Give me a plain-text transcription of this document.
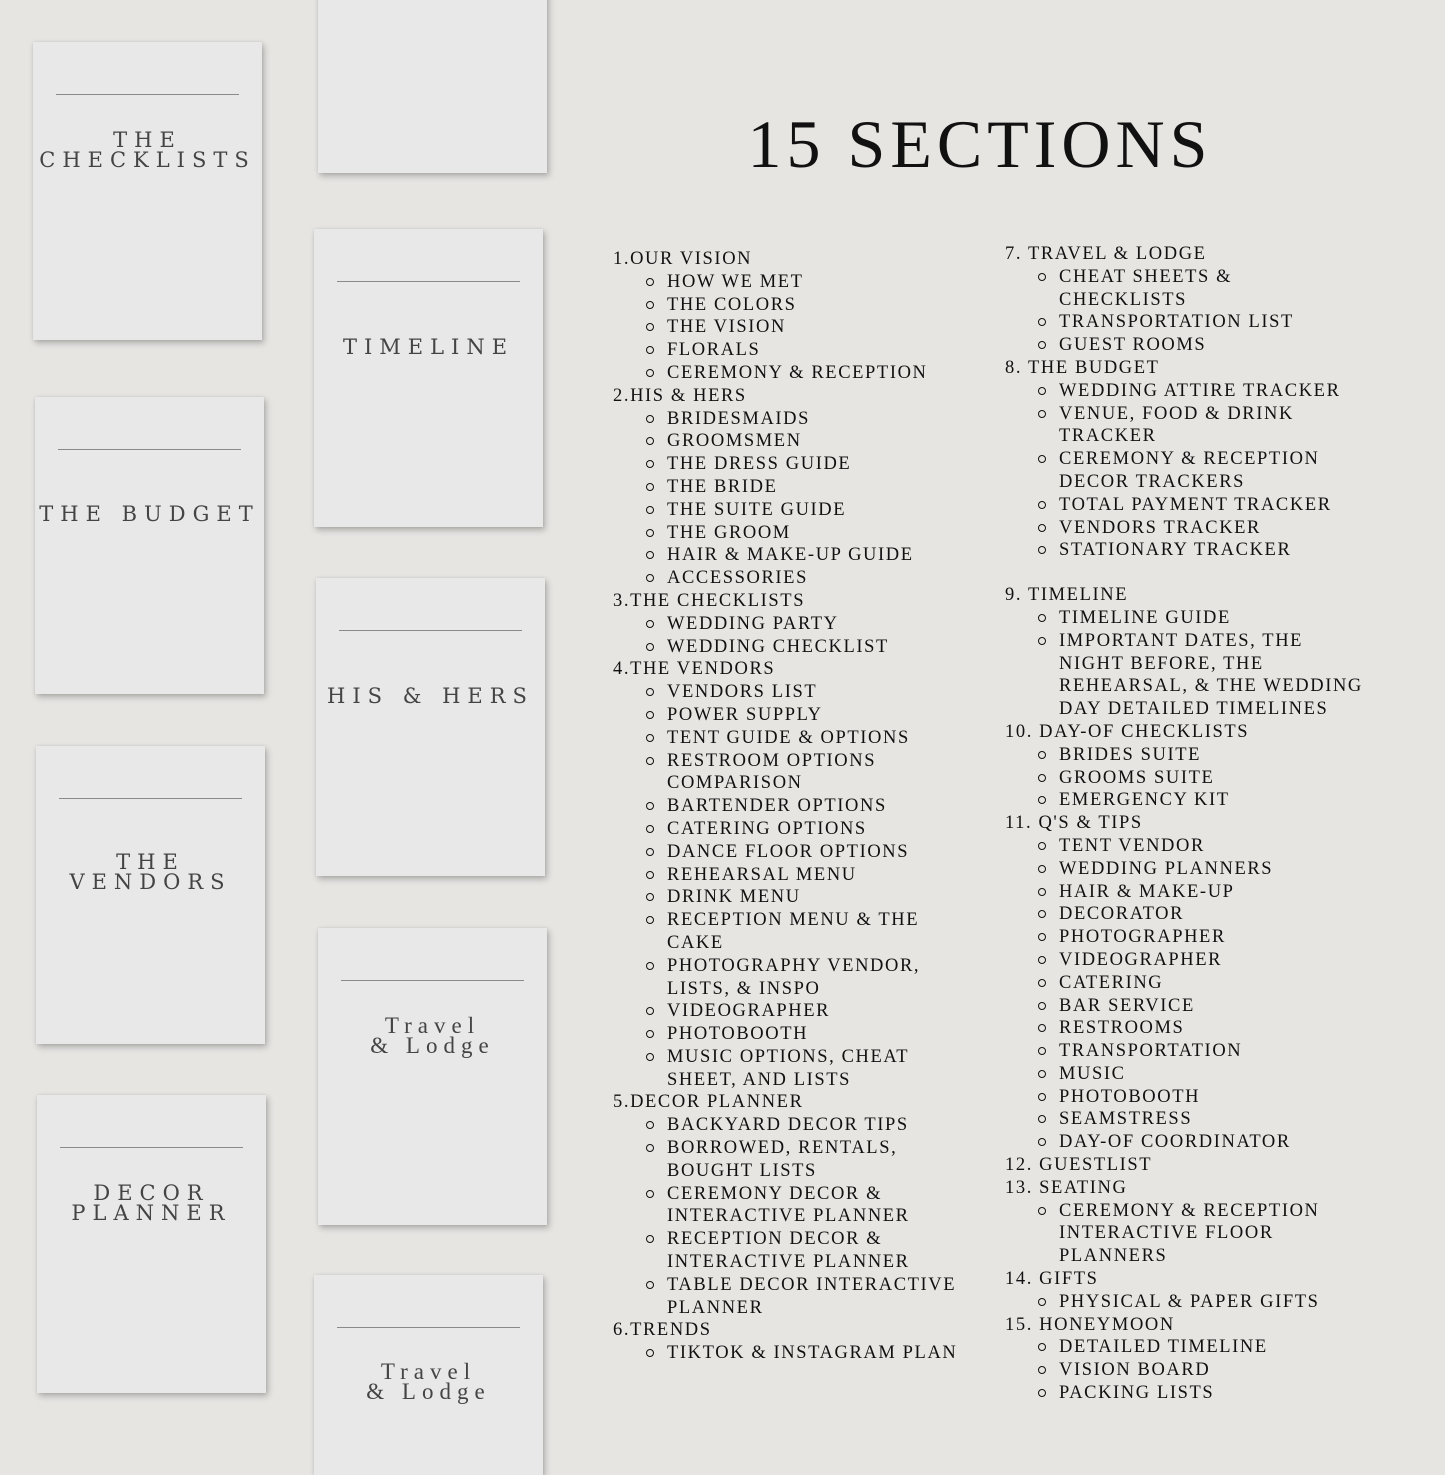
THE
CHECKLISTS
TIMELINE
THE BUDGET
HIS & HERS
THE
VENDORS
Travel
& Lodge
DECOR
PLANNER
Travel
& Lodge
15 SECTIONS
1.OUR VISION
HOW WE MET
THE COLORS
THE VISION
FLORALS
CEREMONY & RECEPTION
2.HIS & HERS
BRIDESMAIDS
GROOMSMEN
THE DRESS GUIDE
THE BRIDE
THE SUITE GUIDE
THE GROOM
HAIR & MAKE-UP GUIDE
ACCESSORIES
3.THE CHECKLISTS
WEDDING PARTY
WEDDING CHECKLIST
4.THE VENDORS
VENDORS LIST
POWER SUPPLY
TENT GUIDE & OPTIONS
RESTROOM OPTIONS
COMPARISON
BARTENDER OPTIONS
CATERING OPTIONS
DANCE FLOOR OPTIONS
REHEARSAL MENU
DRINK MENU
RECEPTION MENU & THE
CAKE
PHOTOGRAPHY VENDOR,
LISTS, & INSPO
VIDEOGRAPHER
PHOTOBOOTH
MUSIC OPTIONS, CHEAT
SHEET, AND LISTS
5.DECOR PLANNER
BACKYARD DECOR TIPS
BORROWED, RENTALS,
BOUGHT LISTS
CEREMONY DECOR &
INTERACTIVE PLANNER
RECEPTION DECOR &
INTERACTIVE PLANNER
TABLE DECOR INTERACTIVE
PLANNER
6.TRENDS
TIKTOK & INSTAGRAM PLAN
7. TRAVEL & LODGE
CHEAT SHEETS &
CHECKLISTS
TRANSPORTATION LIST
GUEST ROOMS
8. THE BUDGET
WEDDING ATTIRE TRACKER
VENUE, FOOD & DRINK
TRACKER
CEREMONY & RECEPTION
DECOR TRACKERS
TOTAL PAYMENT TRACKER
VENDORS TRACKER
STATIONARY TRACKER
9. TIMELINE
TIMELINE GUIDE
IMPORTANT DATES, THE
NIGHT BEFORE, THE
REHEARSAL, & THE WEDDING
DAY DETAILED TIMELINES
10. DAY-OF CHECKLISTS
BRIDES SUITE
GROOMS SUITE
EMERGENCY KIT
11. Q'S & TIPS
TENT VENDOR
WEDDING PLANNERS
HAIR & MAKE-UP
DECORATOR
PHOTOGRAPHER
VIDEOGRAPHER
CATERING
BAR SERVICE
RESTROOMS
TRANSPORTATION
MUSIC
PHOTOBOOTH
SEAMSTRESS
DAY-OF COORDINATOR
12. GUESTLIST
13. SEATING
CEREMONY & RECEPTION
INTERACTIVE FLOOR
PLANNERS
14. GIFTS
PHYSICAL & PAPER GIFTS
15. HONEYMOON
DETAILED TIMELINE
VISION BOARD
PACKING LISTS
